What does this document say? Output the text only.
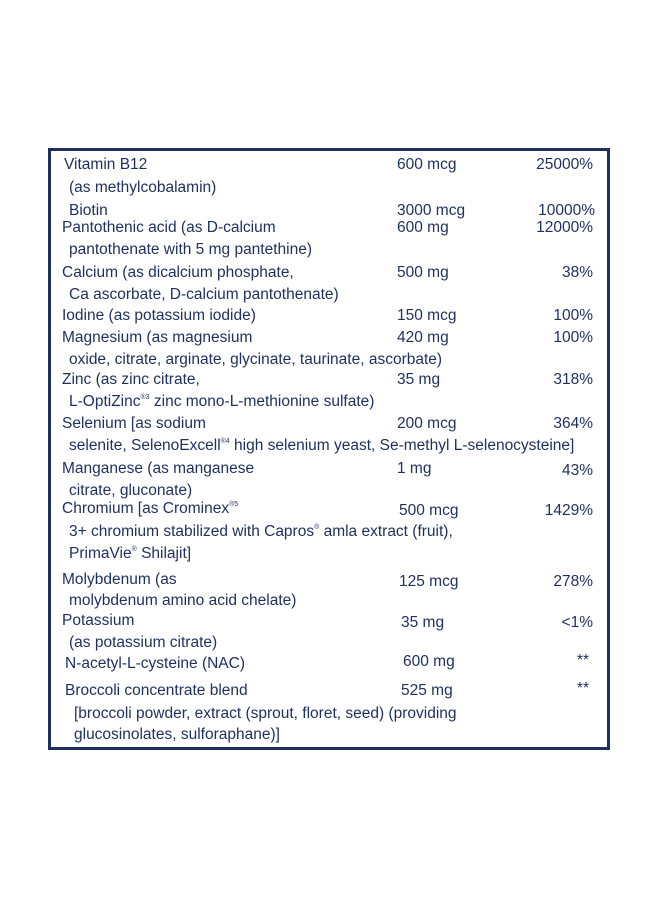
Vitamin B12
(as methylcobalamin)
600 mcg	25000%
Biotin	3000 mcg	10000%
Pantothenic acid (as D-calcium
pantothenate with 5 mg pantethine)
600 mg	12000%
Calcium (as dicalcium phosphate,
Ca ascorbate, D-calcium pantothenate)
500 mg	38%
Iodine (as potassium iodide)	150 mcg	100%
Magnesium (as magnesium
oxide, citrate, arginate, glycinate, taurinate, ascorbate)
420 mg	100%
Zinc (as zinc citrate,
L-OptiZinc$^{®3}$ zinc mono-L-methionine sulfate)
35 mg	318%
Selenium [as sodium
selenite, SelenoExcell$^{®4}$ high selenium yeast, Se-methyl L-selenocysteine]
200 mcg	364%
Manganese (as manganese
citrate, gluconate)
1 mg	43%
Chromium [as Crominex$^{®5}$
3+ chromium stabilized with Capros® amla extract (fruit),
PrimaVie® Shilajit]
500 mcg	1429%
Molybdenum (as
molybdenum amino acid chelate)
125 mcg	278%
Potassium
(as potassium citrate)
35 mg	<1%
N-acetyl-L-cysteine (NAC)	600 mg	**
Broccoli concentrate blend
[broccoli powder, extract (sprout, floret, seed) (providing
glucosinolates, sulforaphane)]
525 mg	**
